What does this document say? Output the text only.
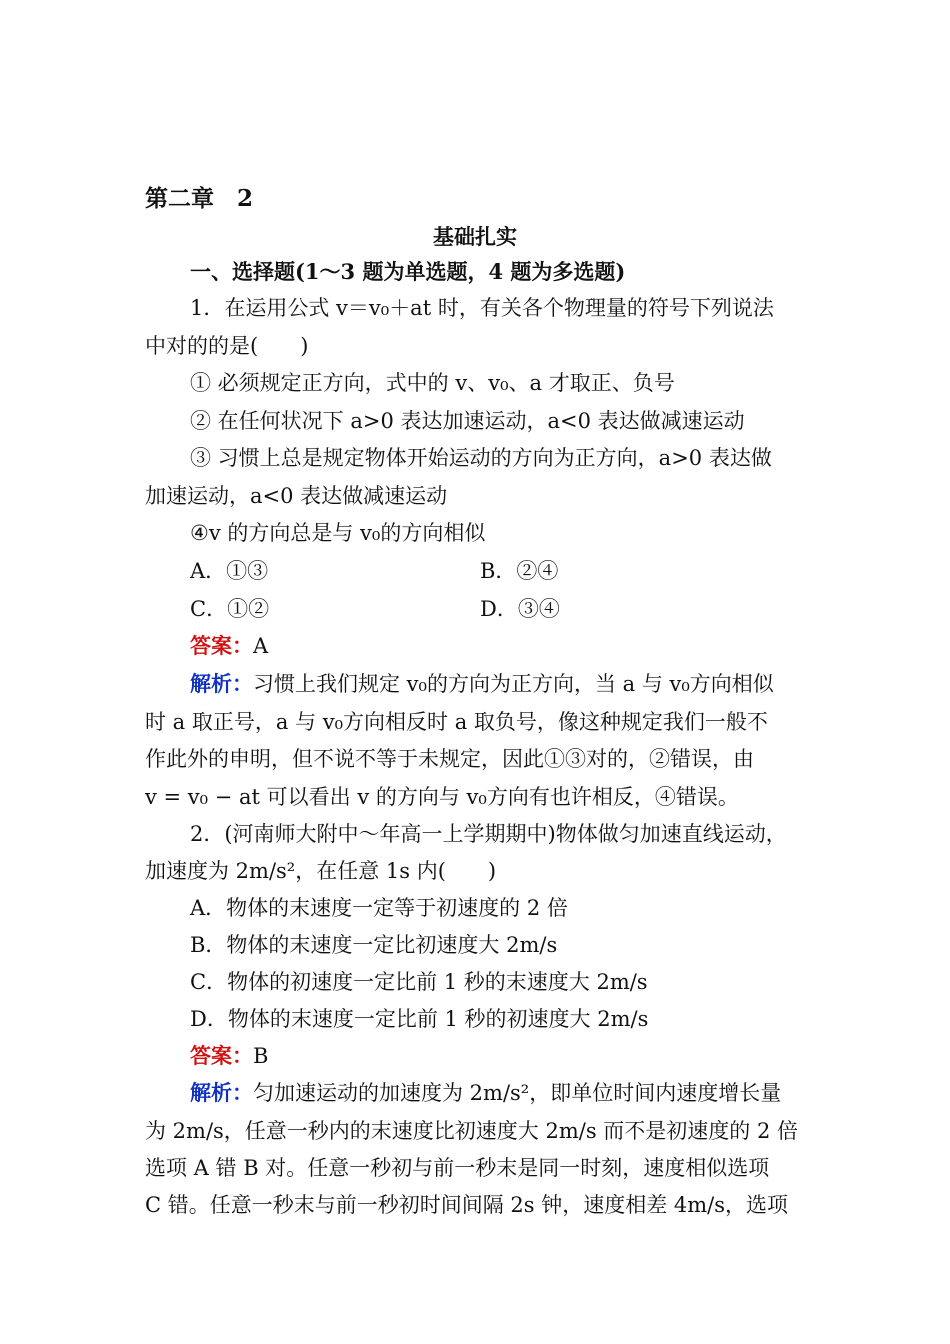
第二章　2
基础扎实
一、选择题(1～3 题为单选题，4 题为多选题)
1．在运用公式 v＝v₀＋at 时，有关各个物理量的符号下列说法
中对的的是(　　)
① 必须规定正方向，式中的 v、v₀、a 才取正、负号
② 在任何状况下 a>0 表达加速运动，a<0 表达做减速运动
③ 习惯上总是规定物体开始运动的方向为正方向，a>0 表达做
加速运动，a<0 表达做减速运动
④v 的方向总是与 v₀的方向相似
A．①③	B．②④
C．①②	D．③④
答案：A
解析：习惯上我们规定 v₀的方向为正方向，当 a 与 v₀方向相似
时 a 取正号，a 与 v₀方向相反时 a 取负号，像这种规定我们一般不
作此外的申明，但不说不等于未规定，因此①③对的，②错误，由
v = v₀ − at 可以看出 v 的方向与 v₀方向有也许相反，④错误。
2．(河南师大附中～年高一上学期期中)物体做匀加速直线运动，
加速度为 2m/s²，在任意 1s 内(　　)
A．物体的末速度一定等于初速度的 2 倍
B．物体的末速度一定比初速度大 2m/s
C．物体的初速度一定比前 1 秒的末速度大 2m/s
D．物体的末速度一定比前 1 秒的初速度大 2m/s
答案：B
解析：匀加速运动的加速度为 2m/s²，即单位时间内速度增长量
为 2m/s，任意一秒内的末速度比初速度大 2m/s 而不是初速度的 2 倍
选项 A 错 B 对。任意一秒初与前一秒末是同一时刻，速度相似选项
C 错。任意一秒末与前一秒初时间间隔 2s 钟，速度相差 4m/s，选项
